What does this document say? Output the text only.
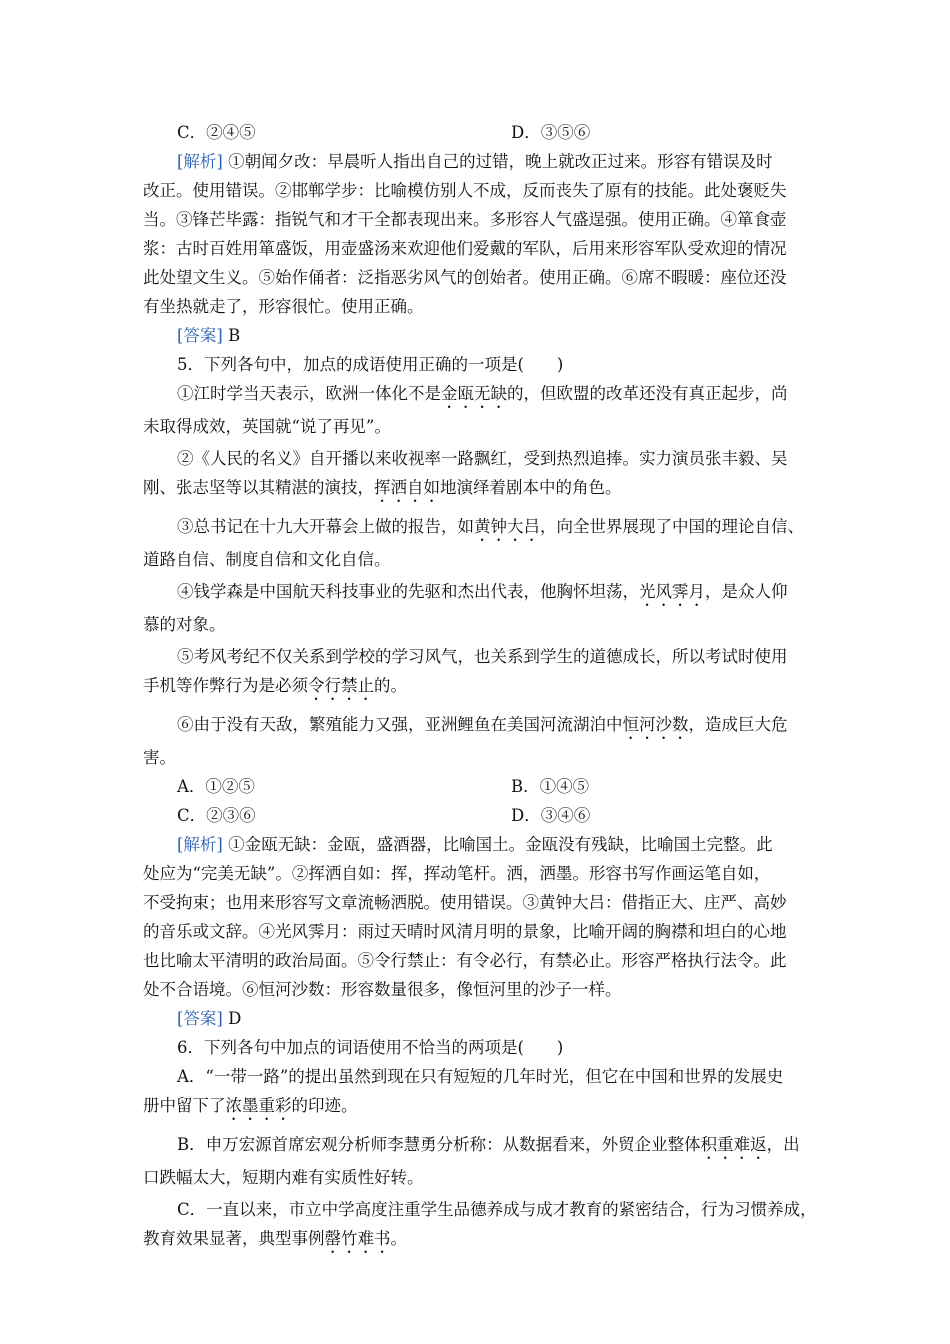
C．②④⑤	D．③⑤⑥
[解析] ①朝闻夕改：早晨听人指出自己的过错，晚上就改正过来。形容有错误及时
改正。使用错误。②邯郸学步：比喻模仿别人不成，反而丧失了原有的技能。此处褒贬失
当。③锋芒毕露：指锐气和才干全都表现出来。多形容人气盛逞强。使用正确。④箪食壶
浆：古时百姓用箪盛饭，用壶盛汤来欢迎他们爱戴的军队，后用来形容军队受欢迎的情况
此处望文生义。⑤始作俑者：泛指恶劣风气的创始者。使用正确。⑥席不暇暖：座位还没
有坐热就走了，形容很忙。使用正确。
[答案] B
5．下列各句中，加点的成语使用正确的一项是(　　)
①江时学当天表示，欧洲一体化不是金瓯无缺的，但欧盟的改革还没有真正起步，尚
未取得成效，英国就“说了再见”。
②《人民的名义》自开播以来收视率一路飘红，受到热烈追捧。实力演员张丰毅、吴
刚、张志坚等以其精湛的演技，挥洒自如地演绎着剧本中的角色。
③总书记在十九大开幕会上做的报告，如黄钟大吕，向全世界展现了中国的理论自信、
道路自信、制度自信和文化自信。
④钱学森是中国航天科技事业的先驱和杰出代表，他胸怀坦荡，光风霁月，是众人仰
慕的对象。
⑤考风考纪不仅关系到学校的学习风气，也关系到学生的道德成长，所以考试时使用
手机等作弊行为是必须令行禁止的。
⑥由于没有天敌，繁殖能力又强，亚洲鲤鱼在美国河流湖泊中恒河沙数，造成巨大危
害。
A．①②⑤	B．①④⑤
C．②③⑥	D．③④⑥
[解析] ①金瓯无缺：金瓯，盛酒器，比喻国土。金瓯没有残缺，比喻国土完整。此
处应为“完美无缺”。②挥洒自如：挥，挥动笔杆。洒，洒墨。形容书写作画运笔自如，
不受拘束；也用来形容写文章流畅洒脱。使用错误。③黄钟大吕：借指正大、庄严、高妙
的音乐或文辞。④光风霁月：雨过天晴时风清月明的景象，比喻开阔的胸襟和坦白的心地
也比喻太平清明的政治局面。⑤令行禁止：有令必行，有禁必止。形容严格执行法令。此
处不合语境。⑥恒河沙数：形容数量很多，像恒河里的沙子一样。
[答案] D
6．下列各句中加点的词语使用不恰当的两项是(　　)
A．“一带一路”的提出虽然到现在只有短短的几年时光，但它在中国和世界的发展史
册中留下了浓墨重彩的印迹。
B．申万宏源首席宏观分析师李慧勇分析称：从数据看来，外贸企业整体积重难返，出
口跌幅太大，短期内难有实质性好转。
C．一直以来，市立中学高度注重学生品德养成与成才教育的紧密结合，行为习惯养成，
教育效果显著，典型事例罄竹难书。
